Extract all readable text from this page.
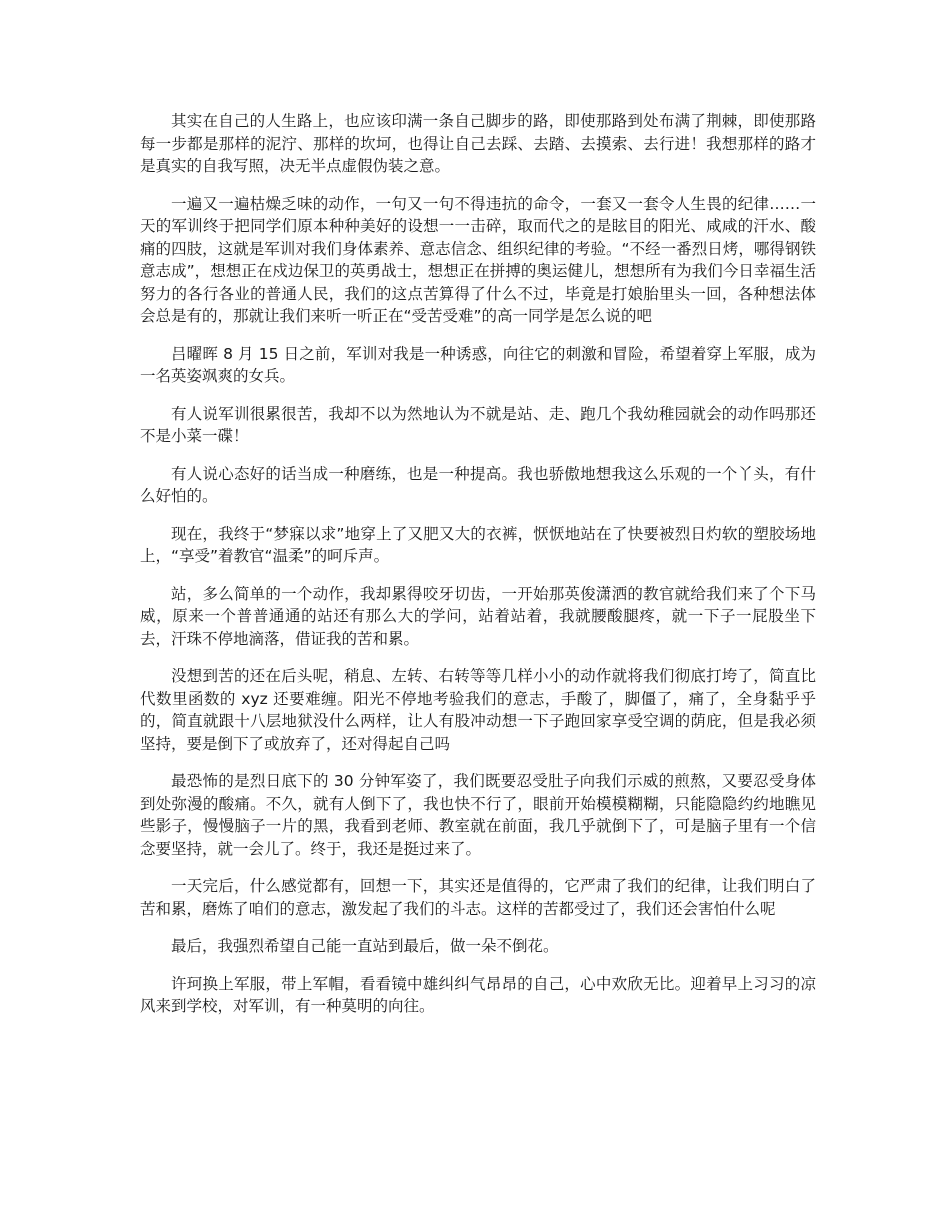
其实在自己的人生路上，也应该印满一条自己脚步的路，即使那路到处布满了荆棘，即使那路每一步都是那样的泥泞、那样的坎坷，也得让自己去踩、去踏、去摸索、去行进！我想那样的路才是真实的自我写照，决无半点虚假伪装之意。

一遍又一遍枯燥乏味的动作，一句又一句不得违抗的命令，一套又一套令人生畏的纪律……一天的军训终于把同学们原本种种美好的设想一一击碎，取而代之的是眩目的阳光、咸咸的汗水、酸痛的四肢，这就是军训对我们身体素养、意志信念、组织纪律的考验。“不经一番烈日烤，哪得钢铁意志成”，想想正在戍边保卫的英勇战士，想想正在拼搏的奥运健儿，想想所有为我们今日幸福生活努力的各行各业的普通人民，我们的这点苦算得了什么不过，毕竟是打娘胎里头一回，各种想法体会总是有的，那就让我们来听一听正在“受苦受难”的高一同学是怎么说的吧

吕曜晖 8 月 15 日之前，军训对我是一种诱惑，向往它的刺激和冒险，希望着穿上军服，成为一名英姿飒爽的女兵。

有人说军训很累很苦，我却不以为然地认为不就是站、走、跑几个我幼稚园就会的动作吗那还不是小菜一碟！

有人说心态好的话当成一种磨练，也是一种提高。我也骄傲地想我这么乐观的一个丫头，有什么好怕的。

现在，我终于“梦寐以求”地穿上了又肥又大的衣裤，恹恹地站在了快要被烈日灼软的塑胶场地上，“享受”着教官“温柔”的呵斥声。

站，多么简单的一个动作，我却累得咬牙切齿，一开始那英俊潇洒的教官就给我们来了个下马威，原来一个普普通通的站还有那么大的学问，站着站着，我就腰酸腿疼，就一下子一屁股坐下去，汗珠不停地滴落，借证我的苦和累。

没想到苦的还在后头呢，稍息、左转、右转等等几样小小的动作就将我们彻底打垮了，简直比代数里函数的 xyz 还要难缠。阳光不停地考验我们的意志，手酸了，脚僵了，痛了，全身黏乎乎的，简直就跟十八层地狱没什么两样，让人有股冲动想一下子跑回家享受空调的荫庇，但是我必须坚持，要是倒下了或放弃了，还对得起自己吗

最恐怖的是烈日底下的 30 分钟军姿了，我们既要忍受肚子向我们示威的煎熬，又要忍受身体到处弥漫的酸痛。不久，就有人倒下了，我也快不行了，眼前开始模模糊糊，只能隐隐约约地瞧见些影子，慢慢脑子一片的黑，我看到老师、教室就在前面，我几乎就倒下了，可是脑子里有一个信念要坚持，就一会儿了。终于，我还是挺过来了。

一天完后，什么感觉都有，回想一下，其实还是值得的，它严肃了我们的纪律，让我们明白了苦和累，磨炼了咱们的意志，激发起了我们的斗志。这样的苦都受过了，我们还会害怕什么呢

最后，我强烈希望自己能一直站到最后，做一朵不倒花。

许珂换上军服，带上军帽，看看镜中雄纠纠气昂昂的自己，心中欢欣无比。迎着早上习习的凉风来到学校，对军训，有一种莫明的向往。
